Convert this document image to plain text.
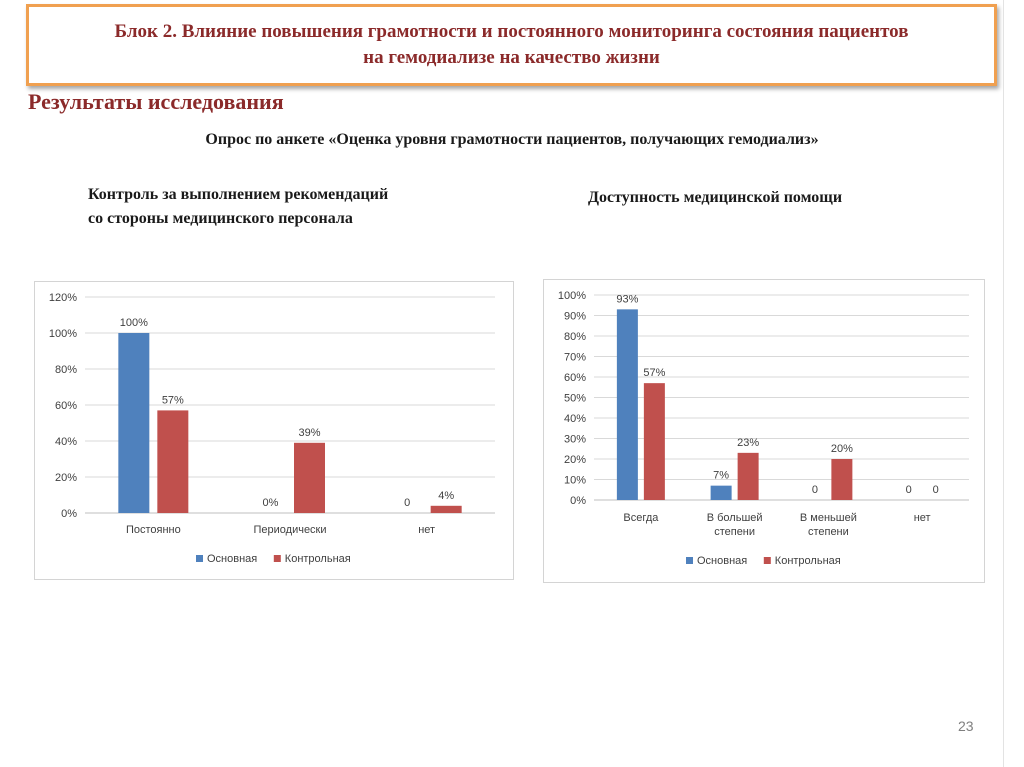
Блок 2. Влияние повышения грамотности и постоянного мониторинга состояния пациентов
на гемодиализе на качество жизни
Результаты исследования
Опрос по анкете «Оценка уровня грамотности пациентов, получающих гемодиализ»
Контроль за выполнением рекомендаций
со стороны медицинского персонала
Доступность медицинской помощи
0%
20%
40%
60%
80%
100%
120%
100%
57%
Постоянно
0%
39%
Периодически
0
4%
нет
Основная	Контрольная
0%
10%
20%
30%
40%
50%
60%
70%
80%
90%
100%	93%
57%
Всегда
7%
23%
В большей
степени
0
20%
В меньшей
степени
0 0
нет
Основная	Контрольная
23
